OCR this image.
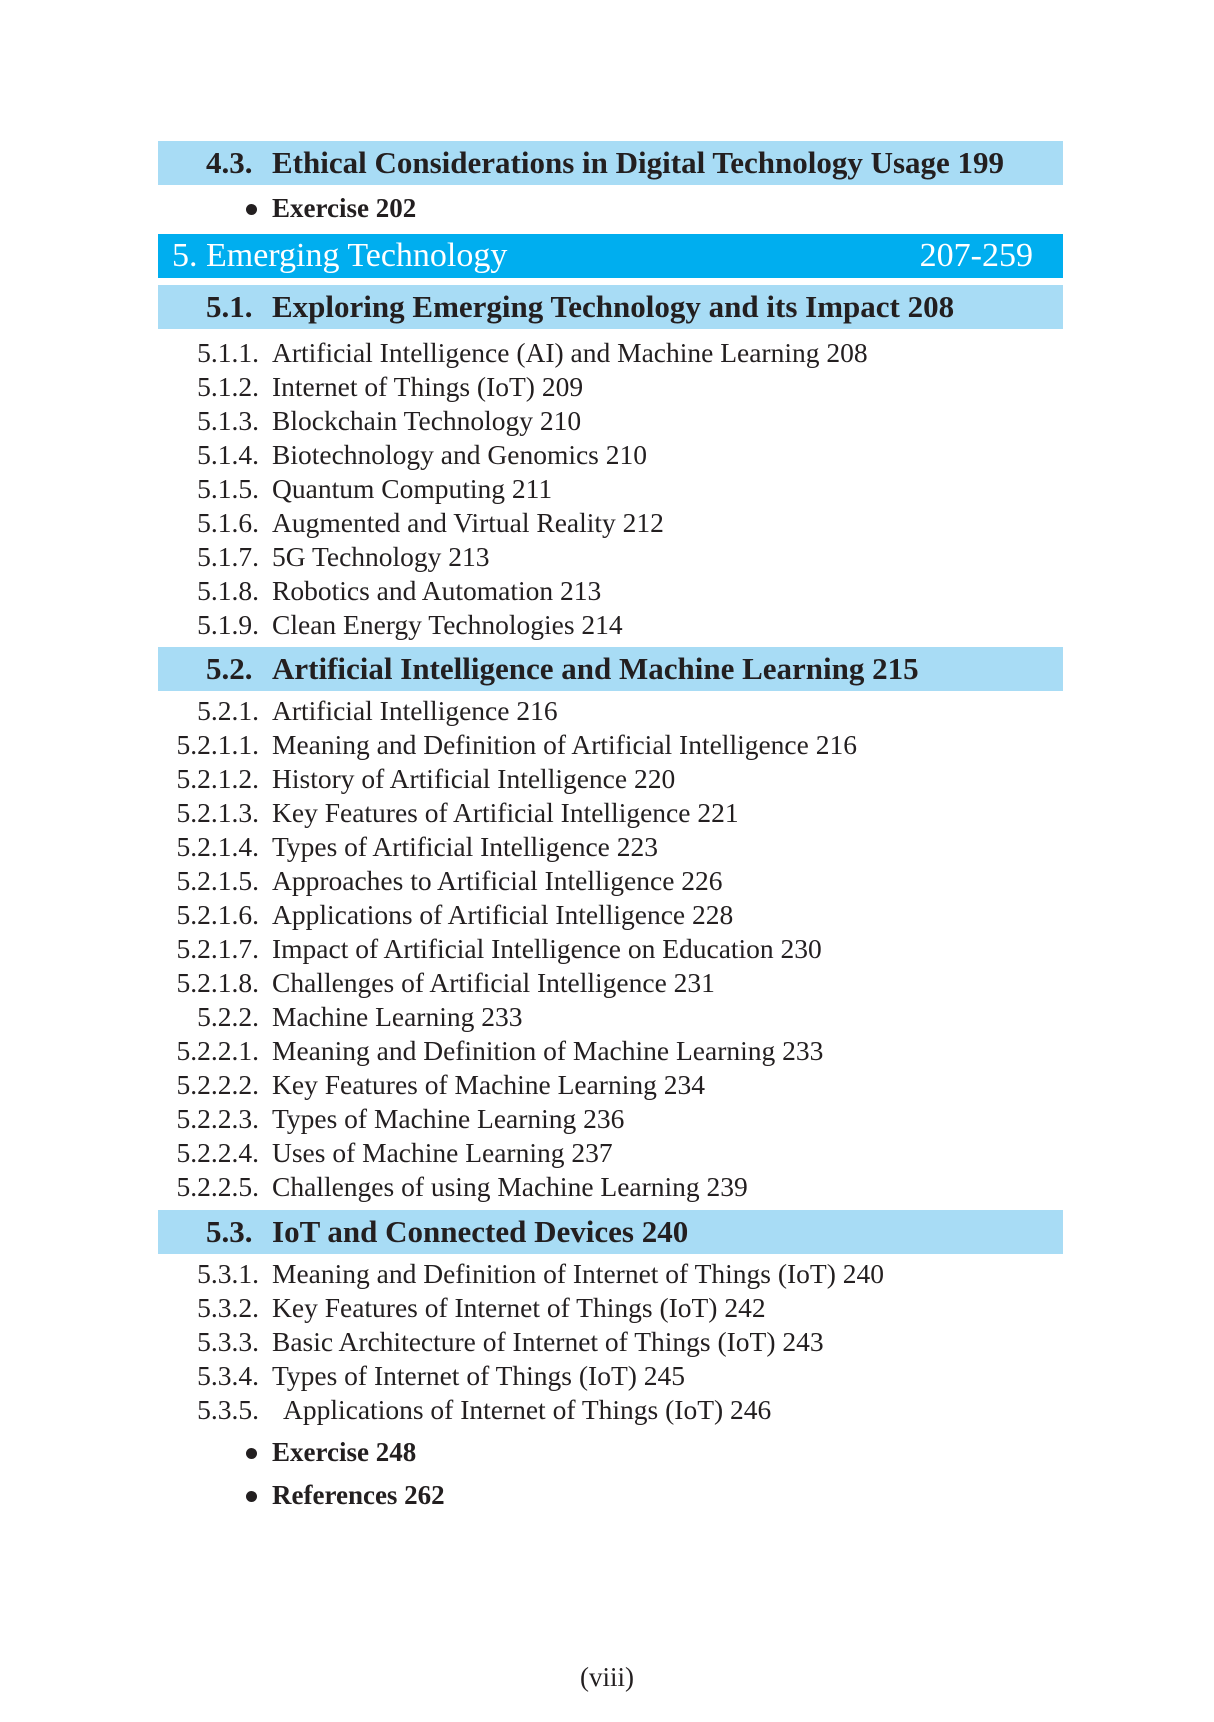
4.3. Ethical Considerations in Digital Technology Usage 199
Exercise 202
5. Emerging Technology	207-259
5.1. Exploring Emerging Technology and its Impact 208
5.1.1. Artificial Intelligence (AI) and Machine Learning 208
5.1.2. Internet of Things (IoT) 209
5.1.3. Blockchain Technology 210
5.1.4. Biotechnology and Genomics 210
5.1.5. Quantum Computing 211
5.1.6. Augmented and Virtual Reality 212
5.1.7. 5G Technology 213
5.1.8. Robotics and Automation 213
5.1.9. Clean Energy Technologies 214
5.2. Artificial Intelligence and Machine Learning 215
5.2.1. Artificial Intelligence 216
5.2.1.1. Meaning and Definition of Artificial Intelligence 216
5.2.1.2. History of Artificial Intelligence 220
5.2.1.3. Key Features of Artificial Intelligence 221
5.2.1.4. Types of Artificial Intelligence 223
5.2.1.5. Approaches to Artificial Intelligence 226
5.2.1.6. Applications of Artificial Intelligence 228
5.2.1.7. Impact of Artificial Intelligence on Education 230
5.2.1.8. Challenges of Artificial Intelligence 231
5.2.2. Machine Learning 233
5.2.2.1. Meaning and Definition of Machine Learning 233
5.2.2.2. Key Features of Machine Learning 234
5.2.2.3. Types of Machine Learning 236
5.2.2.4. Uses of Machine Learning 237
5.2.2.5. Challenges of using Machine Learning 239
5.3. IoT and Connected Devices 240
5.3.1. Meaning and Definition of Internet of Things (IoT) 240
5.3.2. Key Features of Internet of Things (IoT) 242
5.3.3. Basic Architecture of Internet of Things (IoT) 243
5.3.4. Types of Internet of Things (IoT) 245
5.3.5. Applications of Internet of Things (IoT) 246
Exercise 248
References 262
(viii)
